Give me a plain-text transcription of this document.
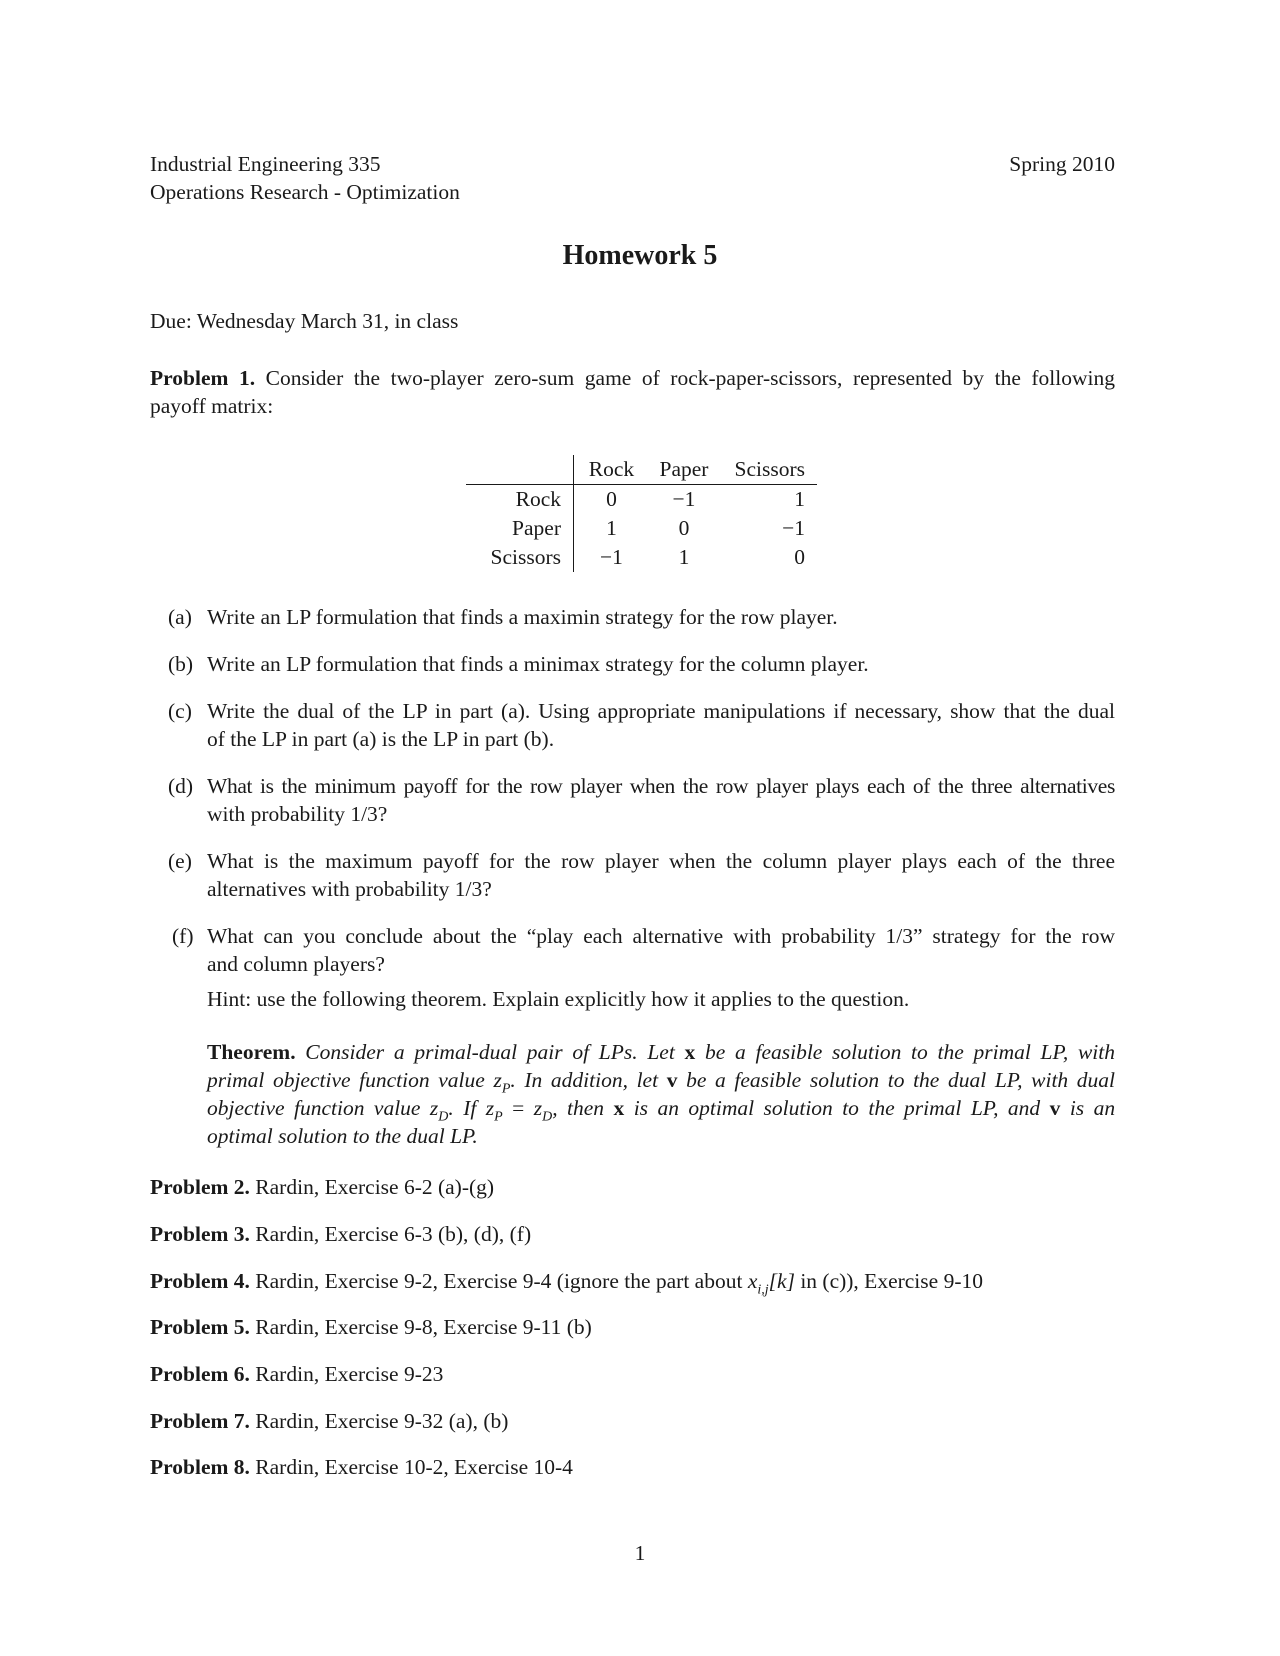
Industrial Engineering 335
Operations Research - Optimization
Spring 2010
Homework 5
Due: Wednesday March 31, in class
Problem 1. Consider the two-player zero-sum game of rock-paper-scissors, represented by the following
payoff matrix:
	Rock	Paper	Scissors
Rock	0	−1	1
Paper	1	0	−1
Scissors	−1	1	0
(a) Write an LP formulation that finds a maximin strategy for the row player.
(b) Write an LP formulation that finds a minimax strategy for the column player.
(c) Write the dual of the LP in part (a). Using appropriate manipulations if necessary, show that the dual
of the LP in part (a) is the LP in part (b).
(d) What is the minimum payoff for the row player when the row player plays each of the three alternatives
with probability 1/3?
(e) What is the maximum payoff for the row player when the column player plays each of the three
alternatives with probability 1/3?
(f) What can you conclude about the “play each alternative with probability 1/3” strategy for the row
and column players?
Hint: use the following theorem. Explain explicitly how it applies to the question.
Theorem. Consider a primal-dual pair of LPs. Let x be a feasible solution to the primal LP, with
primal objective function value $z_P$. In addition, let v be a feasible solution to the dual LP, with dual
objective function value $z_D$. If $z_P = z_D$, then x is an optimal solution to the primal LP, and v is an
optimal solution to the dual LP.
Problem 2. Rardin, Exercise 6-2 (a)-(g)
Problem 3. Rardin, Exercise 6-3 (b), (d), (f)
Problem 4. Rardin, Exercise 9-2, Exercise 9-4 (ignore the part about $x_{i,j}[k]$ in (c)), Exercise 9-10
Problem 5. Rardin, Exercise 9-8, Exercise 9-11 (b)
Problem 6. Rardin, Exercise 9-23
Problem 7. Rardin, Exercise 9-32 (a), (b)
Problem 8. Rardin, Exercise 10-2, Exercise 10-4
1
